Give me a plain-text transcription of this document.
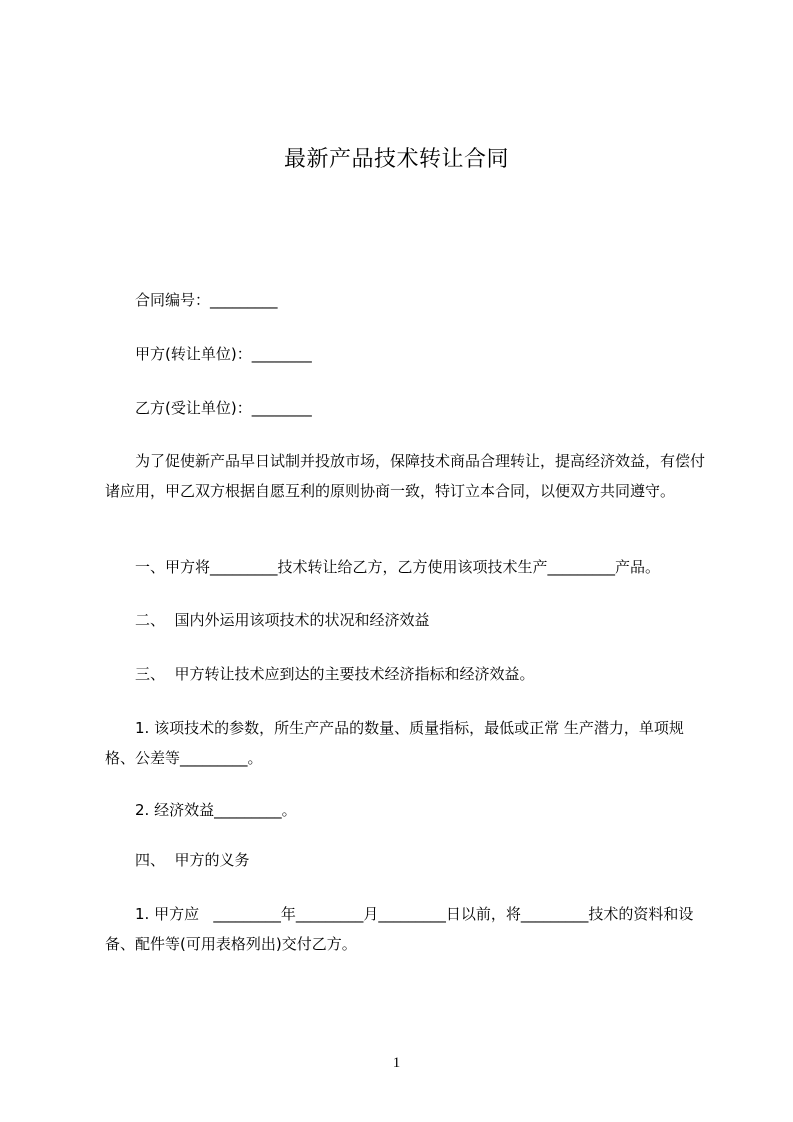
最新产品技术转让合同

合同编号：_________

甲方(转让单位)：________

乙方(受让单位)：________

为了促使新产品早日试制并投放市场，保障技术商品合理转让，提高经济效益，有偿付诸应用，甲乙双方根据自愿互利的原则协商一致，特订立本合同，以便双方共同遵守。

一、甲方将_________技术转让给乙方，乙方使用该项技术生产_________产品。

二、  国内外运用该项技术的状况和经济效益

三、  甲方转让技术应到达的主要技术经济指标和经济效益。

1. 该项技术的参数，所生产产品的数量、质量指标，最低或正常 生产潜力，单项规格、公差等_________。

2. 经济效益_________。

四、  甲方的义务

1. 甲方应   _________年_________月_________日以前，将_________技术的资料和设备、配件等(可用表格列出)交付乙方。

1
